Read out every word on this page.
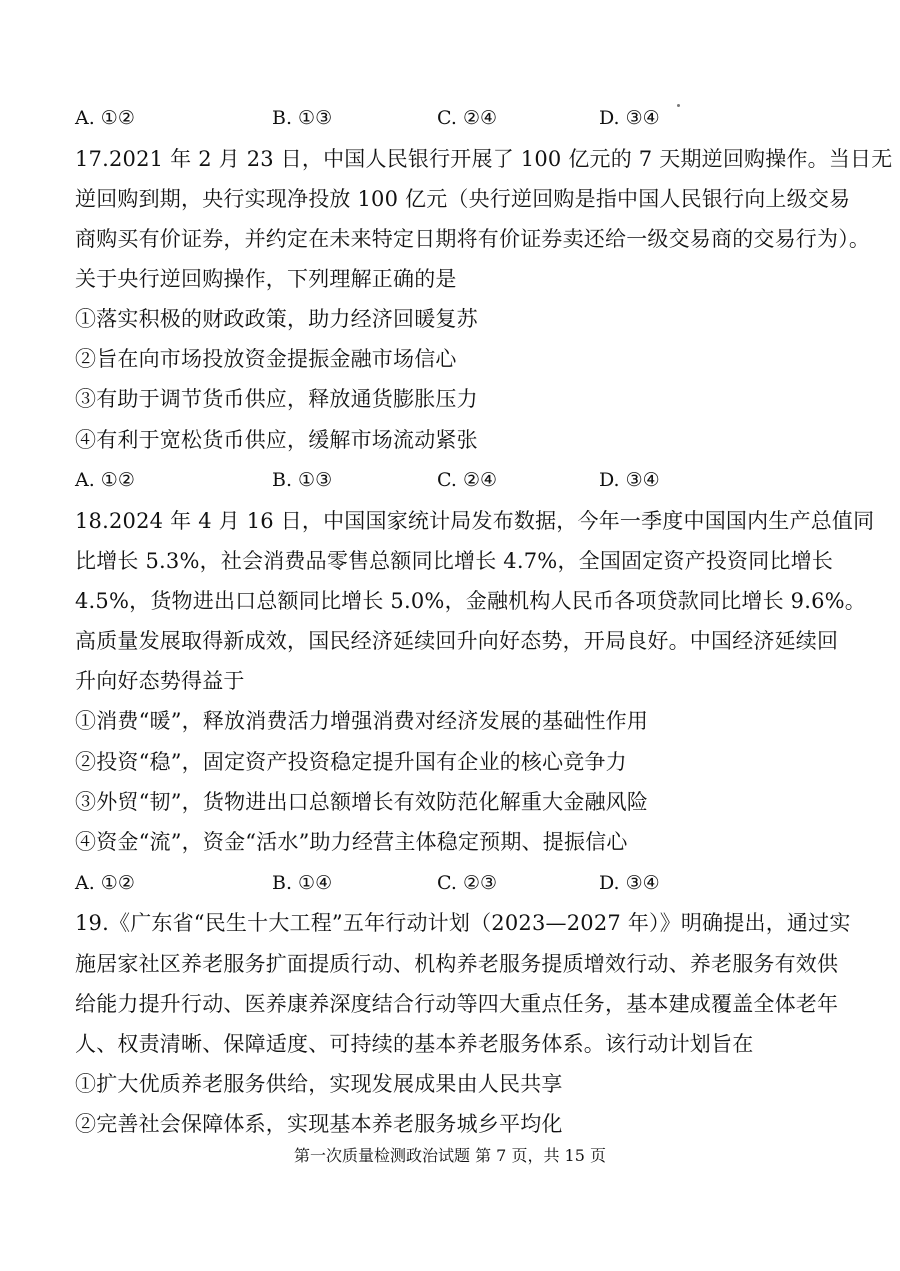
A. ①②	B. ①③	C. ②④	D. ③④
17.2021 年 2 月 23 日，中国人民银行开展了 100 亿元的 7 天期逆回购操作。当日无
逆回购到期，央行实现净投放 100 亿元（央行逆回购是指中国人民银行向上级交易
商购买有价证券，并约定在未来特定日期将有价证券卖还给一级交易商的交易行为）。
关于央行逆回购操作，下列理解正确的是
①落实积极的财政政策，助力经济回暖复苏
②旨在向市场投放资金提振金融市场信心
③有助于调节货币供应，释放通货膨胀压力
④有利于宽松货币供应，缓解市场流动紧张
A. ①②	B. ①③	C. ②④	D. ③④
18.2024 年 4 月 16 日，中国国家统计局发布数据，今年一季度中国国内生产总值同
比增长 5.3%，社会消费品零售总额同比增长 4.7%，全国固定资产投资同比增长
4.5%，货物进出口总额同比增长 5.0%，金融机构人民币各项贷款同比增长 9.6%。
高质量发展取得新成效，国民经济延续回升向好态势，开局良好。中国经济延续回
升向好态势得益于
①消费“暖”，释放消费活力增强消费对经济发展的基础性作用
②投资“稳”，固定资产投资稳定提升国有企业的核心竞争力
③外贸“韧”，货物进出口总额增长有效防范化解重大金融风险
④资金“流”，资金“活水”助力经营主体稳定预期、提振信心
A. ①②	B. ①④	C. ②③	D. ③④
19.《广东省“民生十大工程”五年行动计划（2023—2027 年）》明确提出，通过实
施居家社区养老服务扩面提质行动、机构养老服务提质增效行动、养老服务有效供
给能力提升行动、医养康养深度结合行动等四大重点任务，基本建成覆盖全体老年
人、权责清晰、保障适度、可持续的基本养老服务体系。该行动计划旨在
①扩大优质养老服务供给，实现发展成果由人民共享
②完善社会保障体系，实现基本养老服务城乡平均化
第一次质量检测政治试题 第 7 页，共 15 页
